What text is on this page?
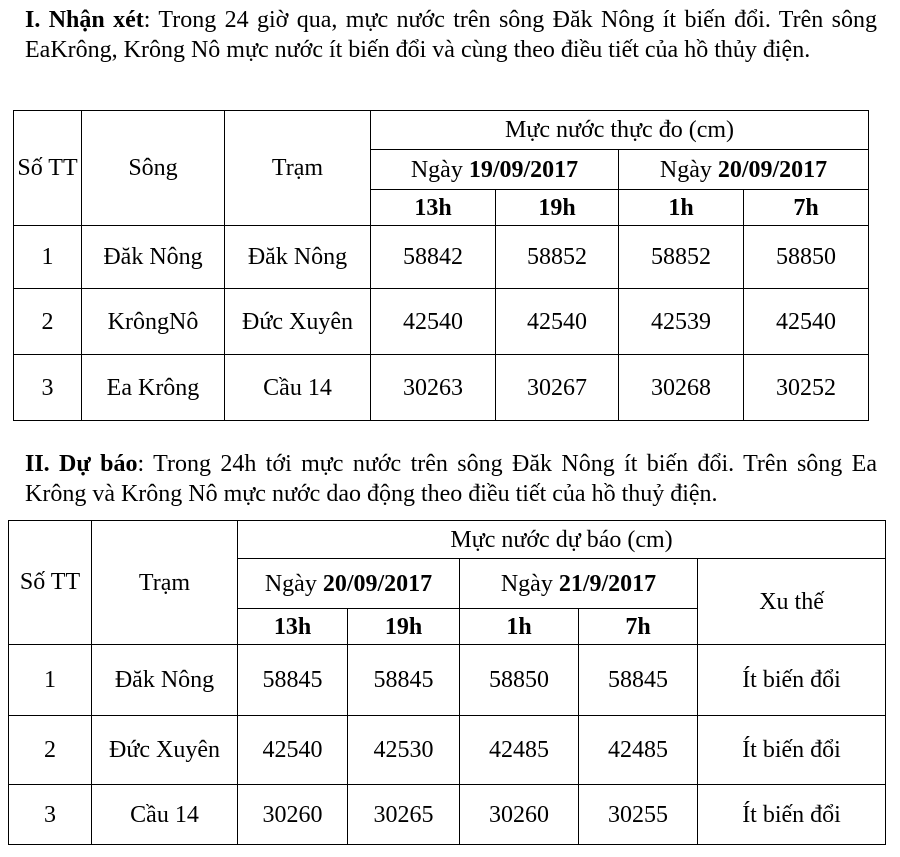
I. Nhận xét: Trong 24 giờ qua, mực nước trên sông Đăk Nông ít biến đổi. Trên sông EaKrông, Krông Nô mực nước ít biến đổi và cùng theo điều tiết của hồ thủy điện.

Số TT	Sông	Trạm	Mực nước thực đo (cm)			
			Ngày 19/09/2017		Ngày 20/09/2017	
			13h	19h	1h	7h
1	Đăk Nông	Đăk Nông	58842	58852	58852	58850
2	KrôngNô	Đức Xuyên	42540	42540	42539	42540
3	Ea Krông	Cầu 14	30263	30267	30268	30252

II. Dự báo: Trong 24h tới mực nước trên sông Đăk Nông ít biến đổi. Trên sông Ea Krông và Krông Nô mực nước dao động theo điều tiết của hồ thuỷ điện.

Số TT	Trạm	Mực nước dự báo (cm)				
		Ngày 20/09/2017		Ngày 21/9/2017		Xu thế
		13h	19h	1h	7h	
1	Đăk Nông	58845	58845	58850	58845	Ít biến đổi
2	Đức Xuyên	42540	42530	42485	42485	Ít biến đổi
3	Cầu 14	30260	30265	30260	30255	Ít biến đổi
